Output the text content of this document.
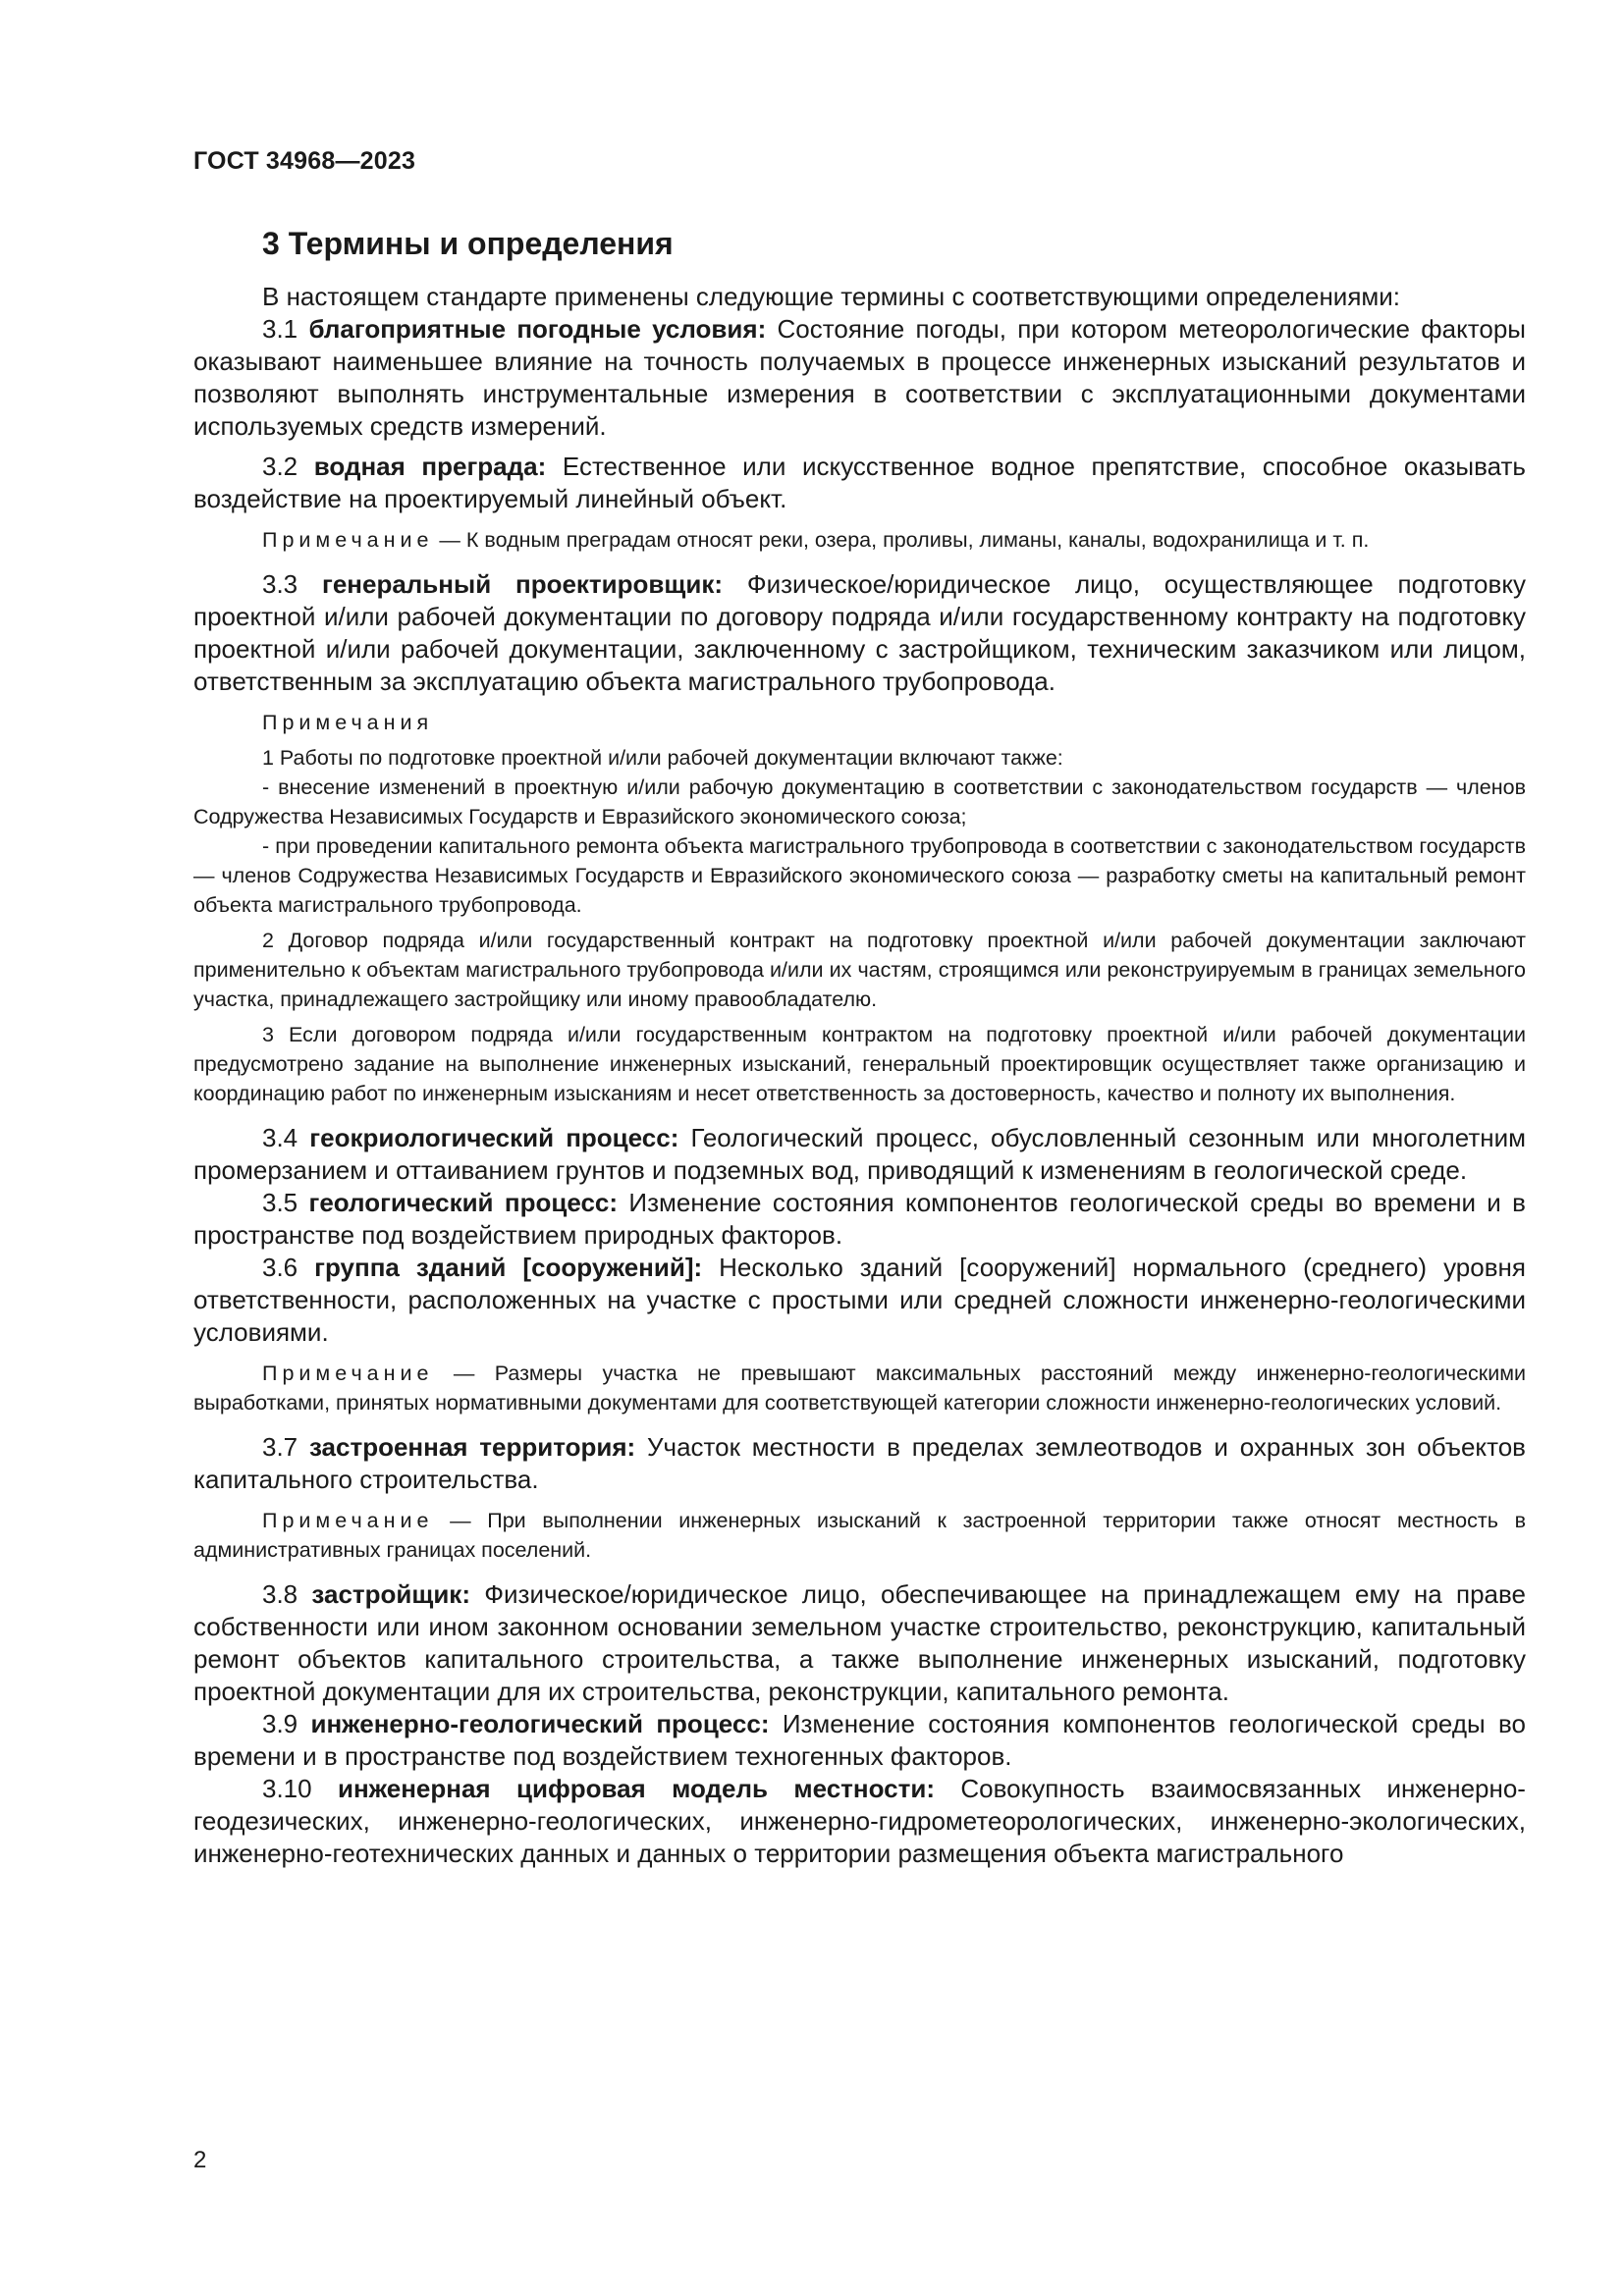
ГОСТ 34968—2023
3 Термины и определения

В настоящем стандарте применены следующие термины с соответствующими определениями:

3.1 благоприятные погодные условия: Состояние погоды, при котором метеорологические факторы оказывают наименьшее влияние на точность получаемых в процессе инженерных изысканий результатов и позволяют выполнять инструментальные измерения в соответствии с эксплуатационными документами используемых средств измерений.

3.2 водная преграда: Естественное или искусственное водное препятствие, способное оказывать воздействие на проектируемый линейный объект.

Примечание — К водным преградам относят реки, озера, проливы, лиманы, каналы, водохранилища и т. п.

3.3 генеральный проектировщик: Физическое/юридическое лицо, осуществляющее подготовку проектной и/или рабочей документации по договору подряда и/или государственному контракту на подготовку проектной и/или рабочей документации, заключенному с застройщиком, техническим заказчиком или лицом, ответственным за эксплуатацию объекта магистрального трубопровода.

Примечания

1 Работы по подготовке проектной и/или рабочей документации включают также:

- внесение изменений в проектную и/или рабочую документацию в соответствии с законодательством государств — членов Содружества Независимых Государств и Евразийского экономического союза;

- при проведении капитального ремонта объекта магистрального трубопровода в соответствии с законодательством государств — членов Содружества Независимых Государств и Евразийского экономического союза — разработку сметы на капитальный ремонт объекта магистрального трубопровода.

2 Договор подряда и/или государственный контракт на подготовку проектной и/или рабочей документации заключают применительно к объектам магистрального трубопровода и/или их частям, строящимся или реконструируемым в границах земельного участка, принадлежащего застройщику или иному правообладателю.

3 Если договором подряда и/или государственным контрактом на подготовку проектной и/или рабочей документации предусмотрено задание на выполнение инженерных изысканий, генеральный проектировщик осуществляет также организацию и координацию работ по инженерным изысканиям и несет ответственность за достоверность, качество и полноту их выполнения.

3.4 геокриологический процесс: Геологический процесс, обусловленный сезонным или многолетним промерзанием и оттаиванием грунтов и подземных вод, приводящий к изменениям в геологической среде.

3.5 геологический процесс: Изменение состояния компонентов геологической среды во времени и в пространстве под воздействием природных факторов.

3.6 группа зданий [сооружений]: Несколько зданий [сооружений] нормального (среднего) уровня ответственности, расположенных на участке с простыми или средней сложности инженерно-геологическими условиями.

Примечание — Размеры участка не превышают максимальных расстояний между инженерно-геологическими выработками, принятых нормативными документами для соответствующей категории сложности инженерно-геологических условий.

3.7 застроенная территория: Участок местности в пределах землеотводов и охранных зон объектов капитального строительства.

Примечание — При выполнении инженерных изысканий к застроенной территории также относят местность в административных границах поселений.

3.8 застройщик: Физическое/юридическое лицо, обеспечивающее на принадлежащем ему на праве собственности или ином законном основании земельном участке строительство, реконструкцию, капитальный ремонт объектов капитального строительства, а также выполнение инженерных изысканий, подготовку проектной документации для их строительства, реконструкции, капитального ремонта.

3.9 инженерно-геологический процесс: Изменение состояния компонентов геологической среды во времени и в пространстве под воздействием техногенных факторов.

3.10 инженерная цифровая модель местности: Совокупность взаимосвязанных инженерно-геодезических, инженерно-геологических, инженерно-гидрометеорологических, инженерно-экологических, инженерно-геотехнических данных и данных о территории размещения объекта магистрального

2
